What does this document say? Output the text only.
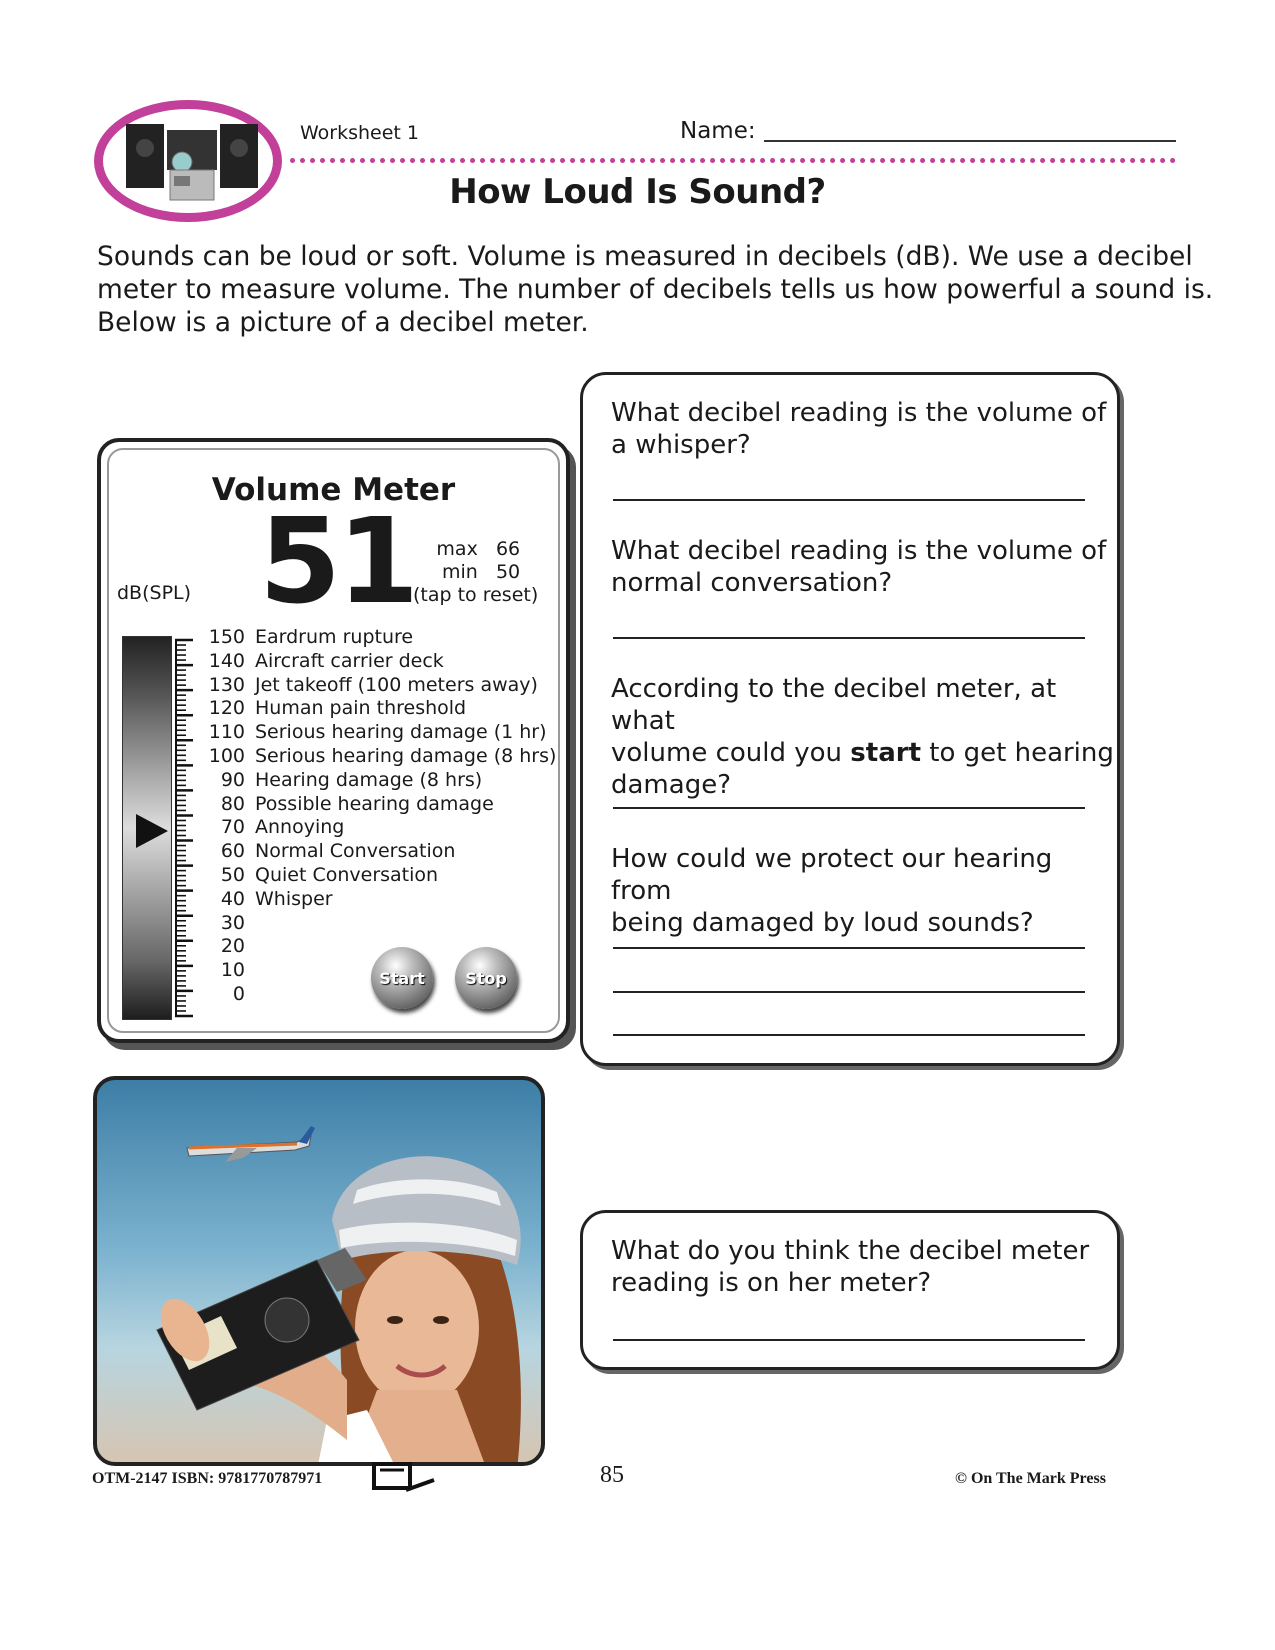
Worksheet 1	Name:
How Loud Is Sound?
Sounds can be loud or soft. Volume is measured in decibels (dB). We use a decibel
meter to measure volume. The number of decibels tells us how powerful a sound is.
Below is a picture of a decibel meter.
Volume Meter
51
dB(SPL)
max 66
min 50
(tap to reset)
150 Eardrum rupture
140 Aircraft carrier deck
130 Jet takeoff (100 meters away)
120 Human pain threshold
110 Serious hearing damage (1 hr)
100 Serious hearing damage (8 hrs)
90 Hearing damage (8 hrs)
80 Possible hearing damage
70 Annoying
60 Normal Conversation
50 Quiet Conversation
40 Whisper
30
20
10
0
Start	Stop
What decibel reading is the volume of
a whisper?
What decibel reading is the volume of
normal conversation?
According to the decibel meter, at what
volume could you start to get hearing
damage?
How could we protect our hearing from
being damaged by loud sounds?
What do you think the decibel meter
reading is on her meter?
OTM-2147 ISBN: 9781770787971	85	© On The Mark Press
